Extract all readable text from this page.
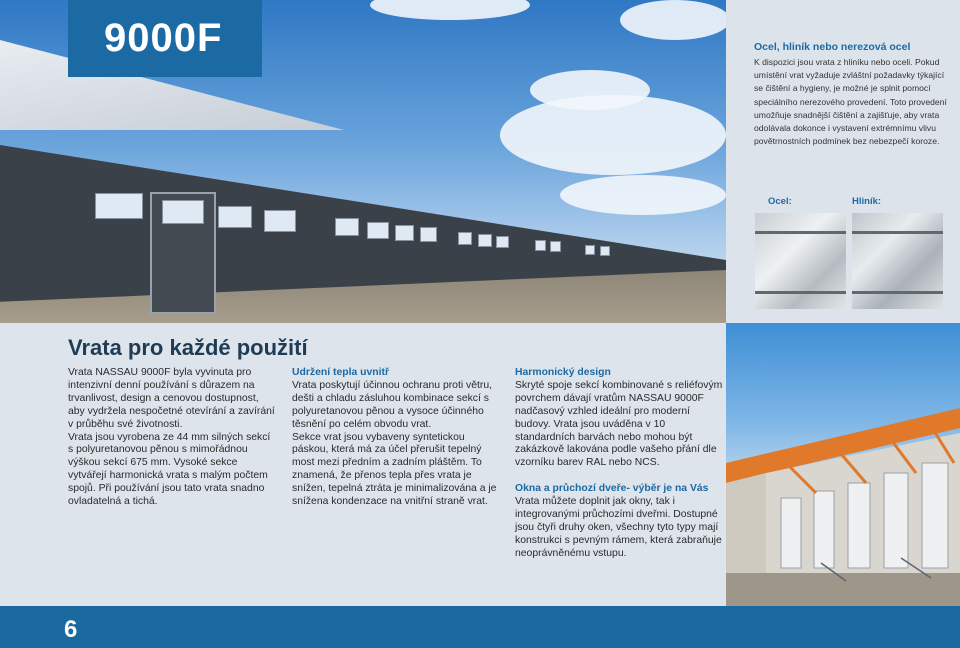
9000F	Ocel, hliník nebo nerezová ocel

K dispozici jsou vrata z hliníku nebo oceli. Pokud umístění vrat vyžaduje zvláštní požadavky týkající se čištění a hygieny, je možné je splnit pomocí speciálního nerezového provedení. Toto provedení umožňuje snadnější čištění a zajišťuje, aby vrata odolávala dokonce i vystavení extrémnímu vlivu povětrnostních podmínek bez nebezpečí koroze.

Ocel:	Hliník:
Vrata pro každé použití
Vrata NASSAU 9000F byla vyvinuta pro intenzivní denní používání s důrazem na trvanlivost, design a cenovou dostupnost, aby vydržela nespočetné otevírání a zavírání v průběhu své životnosti.
Vrata jsou vyrobena ze 44 mm silných sekcí s polyuretanovou pěnou s mimořádnou výškou sekcí 675 mm. Vysoké sekce vytvářejí harmonická vrata s malým počtem spojů. Při používání jsou tato vrata snadno ovladatelná a tichá.
Udržení tepla uvnitř
Vrata poskytují účinnou ochranu proti větru, dešti a chladu zásluhou kombinace sekcí s polyuretanovou pěnou a vysoce účinného těsnění po celém obvodu vrat.
Sekce vrat jsou vybaveny syntetickou páskou, která má za účel přerušit tepelný most mezi předním a zadním pláštěm. To znamená, že přenos tepla přes vrata je snížen, tepelná ztráta je minimalizována a je snížena kondenzace na vnitřní straně vrat.
Harmonický design
Skryté spoje sekcí kombinované s reliéfovým povrchem dávají vratům NASSAU 9000F nadčasový vzhled ideální pro moderní budovy. Vrata jsou uváděna v 10 standardních barvách nebo mohou být zakázkově lakována podle vašeho přání dle vzorníku barev RAL nebo NCS.
Okna a průchozí dveře- výběr je na Vás
Vrata můžete doplnit jak okny, tak i integrovanými průchozími dveřmi. Dostupné jsou čtyři druhy oken, všechny tyto typy mají konstrukci s pevným rámem, která zabraňuje neoprávněnému vstupu.
6
